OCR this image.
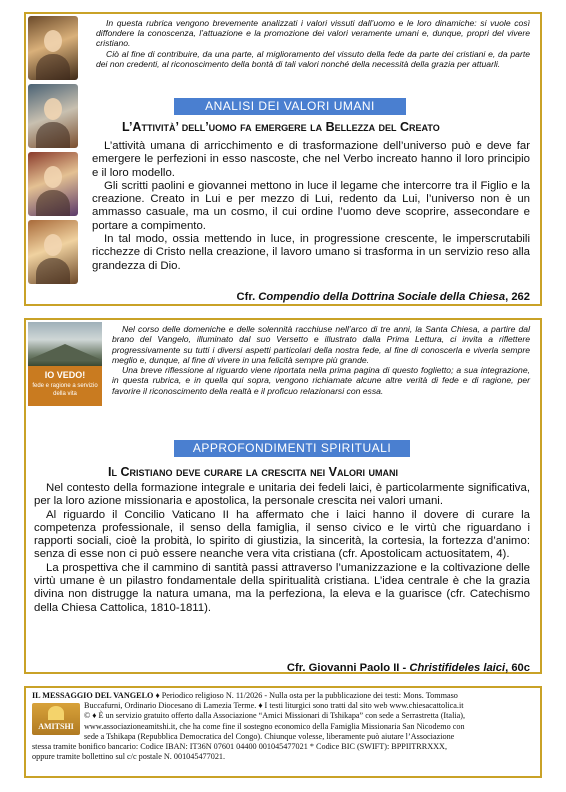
In questa rubrica vengono brevemente analizzati i valori vissuti dall’uomo e le loro dinamiche: si vuole così diffondere la conoscenza, l’attuazione e la promozione dei valori veramente umani e, dunque, propri del vivere cristiano.

Ciò al fine di contribuire, da una parte, al miglioramento del vissuto della fede da parte dei cristiani e, da parte dei non credenti, al riconoscimento della bontà di tali valori nonché della necessità della grazia per attuarli.

ANALISI DEI VALORI UMANI
L’Attività’ dell’uomo fa emergere la Bellezza del Creato

L’attività umana di arricchimento e di trasformazione dell’universo può e deve far emergere le perfezioni in esso nascoste, che nel Verbo increato hanno il loro principio e il loro modello.

Gli scritti paolini e giovannei mettono in luce il legame che intercorre tra il Figlio e la creazione. Creato in Lui e per mezzo di Lui, redento da Lui, l’universo non è un ammasso casuale, ma un cosmo, il cui ordine l’uomo deve scoprire, assecondare e portare a compimento.

In tal modo, ossia mettendo in luce, in progressione crescente, le imperscrutabili ricchezze di Cristo nella creazione, il lavoro umano si trasforma in un servizio reso alla grandezza di Dio.

Cfr. Compendio della Dottrina Sociale della Chiesa, 262
IO VEDO!
fede e ragione a servizio della vita

Nel corso delle domeniche e delle solennità racchiuse nell’arco di tre anni, la Santa Chiesa, a partire dal brano del Vangelo, illuminato dal suo Versetto e illustrato dalla Prima Lettura, ci invita a riflettere progressivamente su tutti i diversi aspetti particolari della nostra fede, al fine di conoscerla e viverla sempre meglio e, dunque, al fine di vivere in una felicità sempre più grande.

Una breve riflessione al riguardo viene riportata nella prima pagina di questo foglietto; a sua integrazione, in questa rubrica, e in quella qui sopra, vengono richiamate alcune altre verità di fede e di ragione, per favorire il riconoscimento della realtà e il proficuo relazionarsi con essa.

APPROFONDIMENTI SPIRITUALI
Il Cristiano deve curare la crescita nei Valori umani

Nel contesto della formazione integrale e unitaria dei fedeli laici, è particolarmente significativa, per la loro azione missionaria e apostolica, la personale crescita nei valori umani.

Al riguardo il Concilio Vaticano II ha affermato che i laici hanno il dovere di curare la competenza professionale, il senso della famiglia, il senso civico e le virtù che riguardano i rapporti sociali, cioè la probità, lo spirito di giustizia, la sincerità, la cortesia, la fortezza d’animo: senza di esse non ci può essere neanche vera vita cristiana (cfr. Apostolicam actuositatem, 4).

La prospettiva che il cammino di santità passi attraverso l’umanizzazione e la coltivazione delle virtù umane è un pilastro fondamentale della spiritualità cristiana. L’idea centrale è che la grazia divina non distrugge la natura umana, ma la perfeziona, la eleva e la guarisce (cfr. Catechismo della Chiesa Cattolica, 1810-1811).

Cfr. Giovanni Paolo II - Christifideles laici, 60c
AMITSHI
IL MESSAGGIO DEL VANGELO ♦ Periodico religioso N. 11/2026 - Nulla osta per la pubblicazione dei testi: Mons. Tommaso
Buccafurni, Ordinario Diocesano di Lamezia Terme. ♦ I testi liturgici sono tratti dal sito web www.chiesacattolica.it
© ♦ È un servizio gratuito offerto dalla Associazione “Amici Missionari di Tshikapa” con sede a Serrastretta (Italia),
www.associazioneamitshi.it, che ha come fine il sostegno economico della Famiglia Missionaria San Nicodemo con
sede a Tshikapa (Repubblica Democratica del Congo). Chiunque volesse, liberamente può aiutare l’Associazione
stessa tramite bonifico bancario: Codice IBAN: IT36N 07601 04400 001045477021 * Codice BIC (SWIFT): BPPIITRRXXX,
oppure tramite bollettino sul c/c postale N. 001045477021.
